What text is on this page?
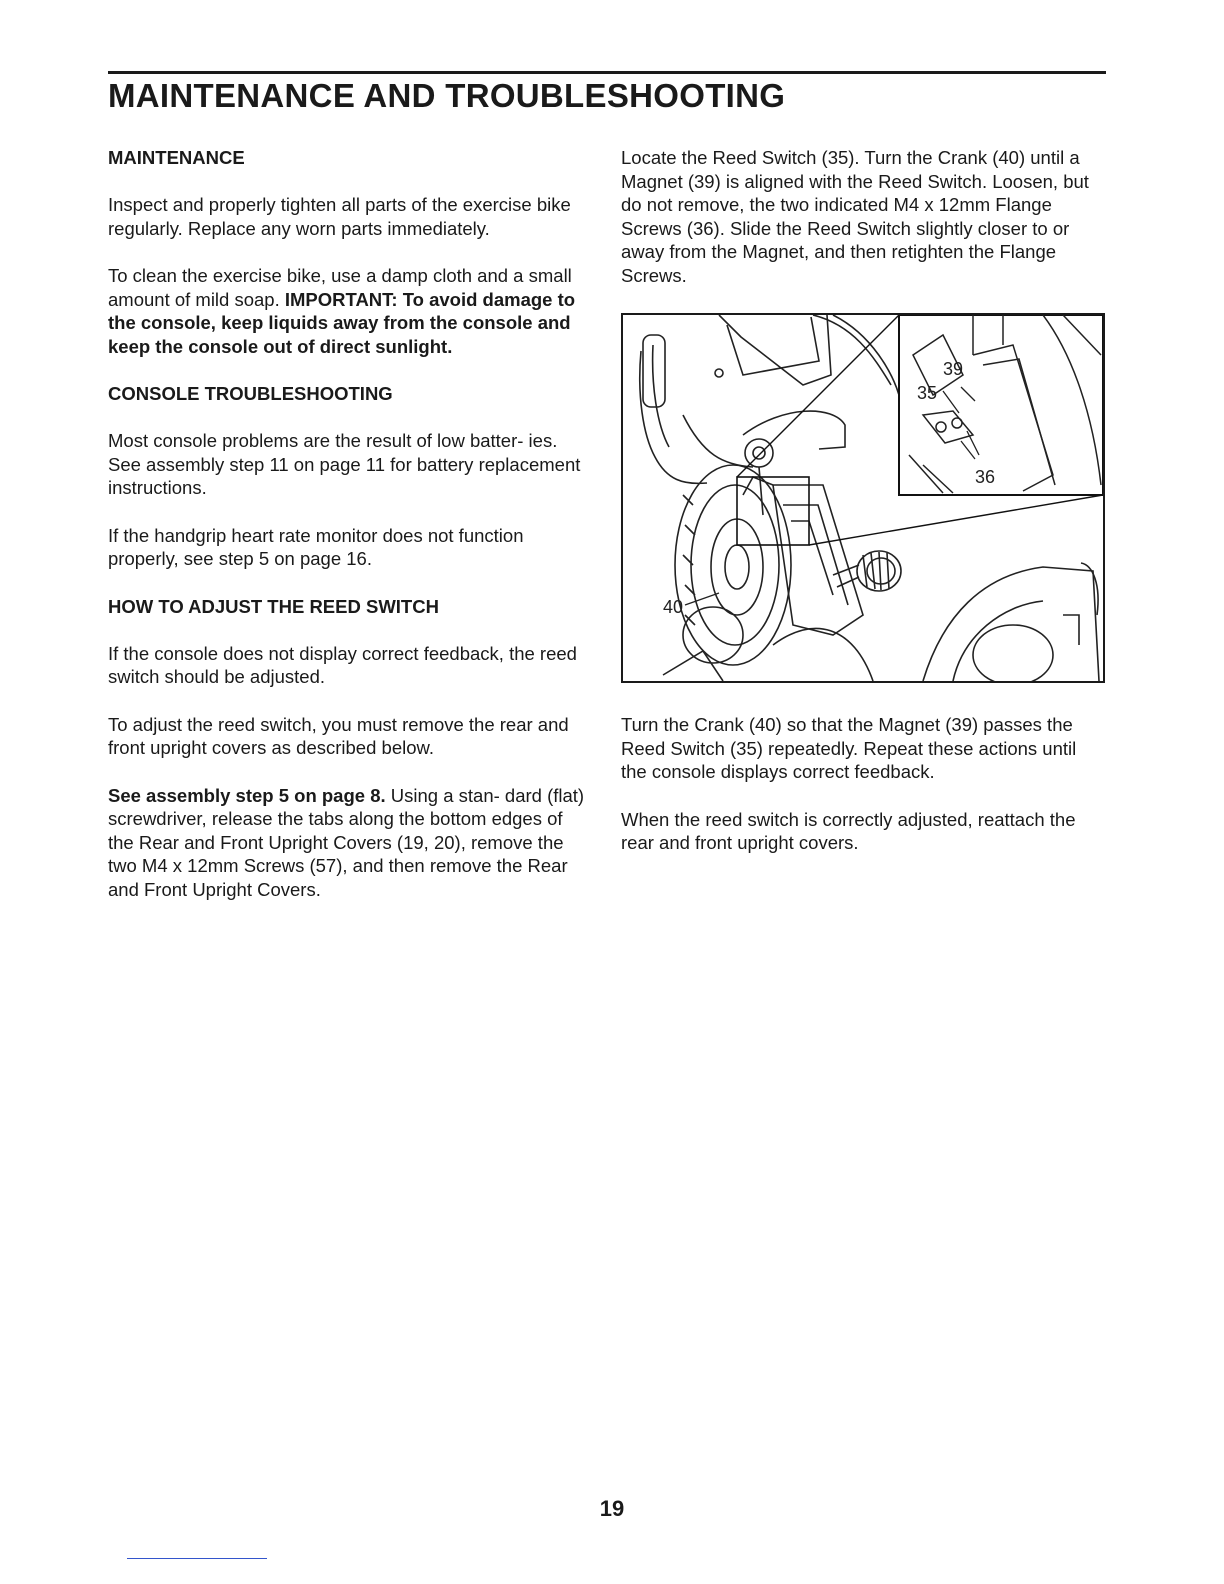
MAINTENANCE AND TROUBLESHOOTING
MAINTENANCE

Inspect and properly tighten all parts of the exercise bike regularly. Replace any worn parts immediately.

To clean the exercise bike, use a damp cloth and a small amount of mild soap. IMPORTANT: To avoid damage to the console, keep liquids away from the console and keep the console out of direct sunlight.

CONSOLE TROUBLESHOOTING

Most console problems are the result of low batter- ies. See assembly step 11 on page 11 for battery replacement instructions.

If the handgrip heart rate monitor does not function properly, see step 5 on page 16.

HOW TO ADJUST THE REED SWITCH

If the console does not display correct feedback, the reed switch should be adjusted.

To adjust the reed switch, you must remove the rear and front upright covers as described below.

See assembly step 5 on page 8. Using a stan- dard (flat) screwdriver, release the tabs along the bottom edges of the Rear and Front Upright Covers (19, 20), remove the two M4 x 12mm Screws (57), and then remove the Rear and Front Upright Covers.

Locate the Reed Switch (35). Turn the Crank (40) until a Magnet (39) is aligned with the Reed Switch. Loosen, but do not remove, the two indicated M4 x 12mm Flange Screws (36). Slide the Reed Switch slightly closer to or away from the Magnet, and then retighten the Flange Screws.

39
35
36
40

Turn the Crank (40) so that the Magnet (39) passes the Reed Switch (35) repeatedly. Repeat these actions until the console displays correct feedback.

When the reed switch is correctly adjusted, reattach the rear and front upright covers.

19
